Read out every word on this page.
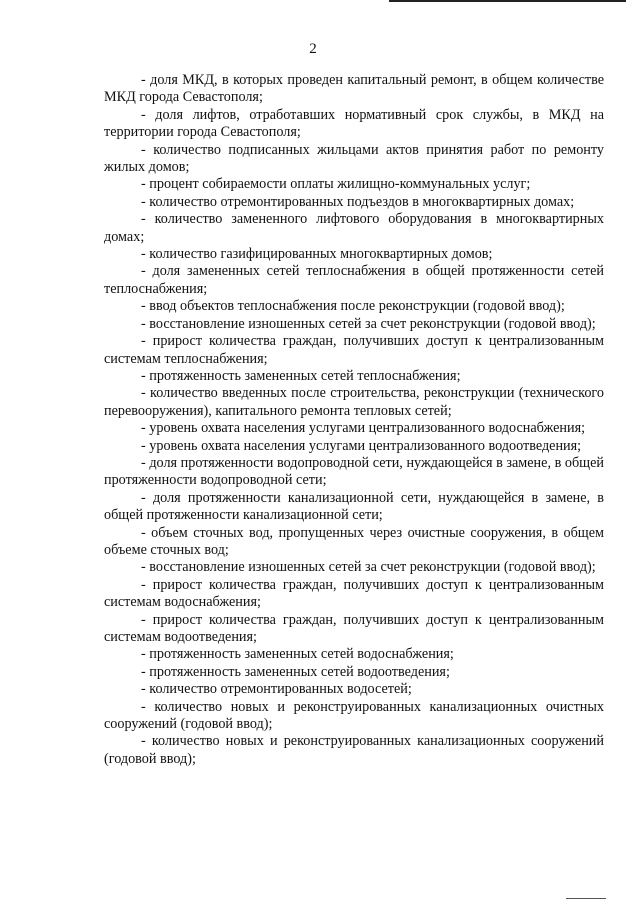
2
- доля МКД, в которых проведен капитальный ремонт, в общем количестве МКД города Севастополя;
- доля лифтов, отработавших нормативный срок службы, в МКД на территории города Севастополя;
- количество подписанных жильцами актов принятия работ по ремонту жилых домов;
- процент собираемости оплаты жилищно-коммунальных услуг;
- количество отремонтированных подъездов в многоквартирных домах;
- количество замененного лифтового оборудования в многоквартирных домах;
- количество газифицированных многоквартирных домов;
- доля замененных сетей теплоснабжения в общей протяженности сетей теплоснабжения;
- ввод объектов теплоснабжения после реконструкции (годовой ввод);
- восстановление изношенных сетей за счет реконструкции (годовой ввод);
- прирост количества граждан, получивших доступ к централизованным системам теплоснабжения;
- протяженность замененных сетей теплоснабжения;
- количество введенных после строительства, реконструкции (технического перевооружения), капитального ремонта тепловых сетей;
- уровень охвата населения услугами централизованного водоснабжения;
- уровень охвата населения услугами централизованного водоотведения;
- доля протяженности водопроводной сети, нуждающейся в замене, в общей протяженности водопроводной сети;
- доля протяженности канализационной сети, нуждающейся в замене, в общей протяженности канализационной сети;
- объем сточных вод, пропущенных через очистные сооружения, в общем объеме сточных вод;
- восстановление изношенных сетей за счет реконструкции (годовой ввод);
- прирост количества граждан, получивших доступ к централизованным системам водоснабжения;
- прирост количества граждан, получивших доступ к централизованным системам водоотведения;
- протяженность замененных сетей водоснабжения;
- протяженность замененных сетей водоотведения;
- количество отремонтированных водосетей;
- количество новых и реконструированных канализационных очистных сооружений (годовой ввод);
- количество новых и реконструированных канализационных сооружений (годовой ввод);
